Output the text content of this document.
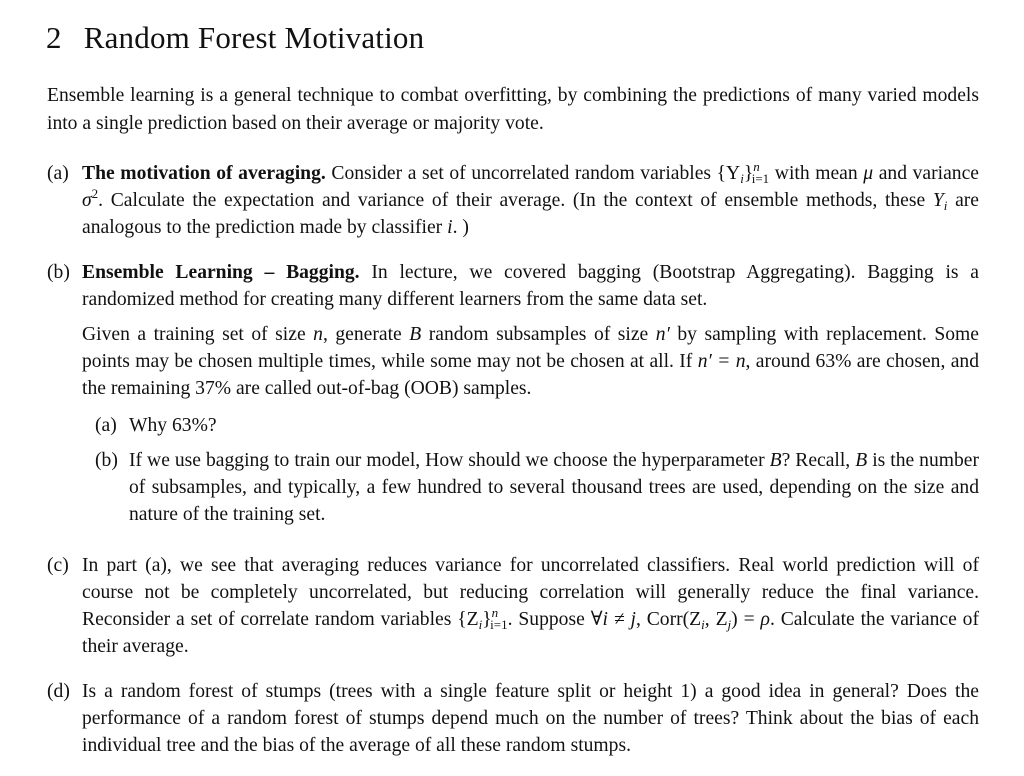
2 Random Forest Motivation
Ensemble learning is a general technique to combat overfitting, by combining the predictions of many varied models into a single prediction based on their average or majority vote.
(a) The motivation of averaging. Consider a set of uncorrelated random variables $\{Y_i\}^n_{i=1}$ with mean μ and variance $\sigma^2$. Calculate the expectation and variance of their average. (In the context of ensemble methods, these $Y_i$ are analogous to the prediction made by classifier i. )
(b) Ensemble Learning – Bagging. In lecture, we covered bagging (Bootstrap Aggregating). Bagging is a randomized method for creating many different learners from the same data set.

Given a training set of size n, generate B random subsamples of size n′ by sampling with replacement. Some points may be chosen multiple times, while some may not be chosen at all. If n′ = n, around 63% are chosen, and the remaining 37% are called out-of-bag (OOB) samples.

(a) Why 63%?
(b) If we use bagging to train our model, How should we choose the hyperparameter B? Recall, B is the number of subsamples, and typically, a few hundred to several thousand trees are used, depending on the size and nature of the training set.
(c) In part (a), we see that averaging reduces variance for uncorrelated classifiers. Real world prediction will of course not be completely uncorrelated, but reducing correlation will generally reduce the final variance. Reconsider a set of correlate random variables $\{Z_i\}^n_{i=1}$. Suppose ∀i ≠ j, $Corr(Z_i$, $Z_j) = \rho$. Calculate the variance of their average.
(d) Is a random forest of stumps (trees with a single feature split or height 1) a good idea in general? Does the performance of a random forest of stumps depend much on the number of trees? Think about the bias of each individual tree and the bias of the average of all these random stumps.
